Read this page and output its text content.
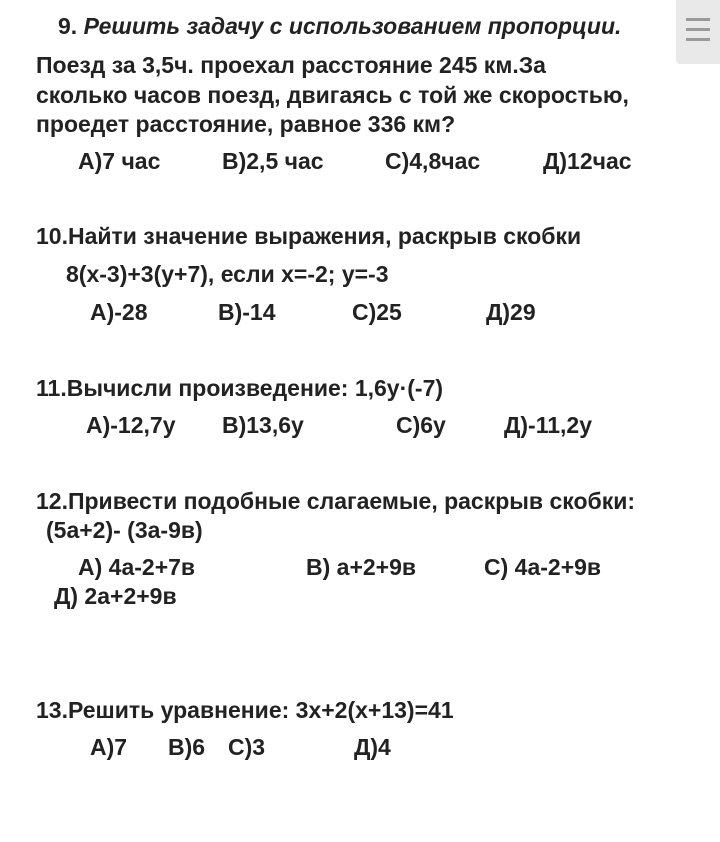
9. Решить задачу с использованием пропорции.
Поезд за 3,5ч. проехал расстояние 245 км.За
сколько часов поезд, двигаясь с той же скоростью,
проедет расстояние, равное 336 км?
А)7 час	В)2,5 час	С)4,8час	Д)12час
10.Найти значение выражения, раскрыв скобки
8(х-3)+3(у+7), если х=-2; у=-3
А)-28	В)-14	С)25	Д)29
11.Вычисли произведение: 1,6у·(-7)
А)-12,7у В)13,6у	С)6у	Д)-11,2у
12.Привести подобные слагаемые, раскрыв скобки:
(5а+2)- (3а-9в)
А) 4а-2+7в	В) а+2+9в	С) 4а-2+9в
Д) 2а+2+9в
13.Решить уравнение: 3х+2(х+13)=41
А)7 В)6 С)3	Д)4
